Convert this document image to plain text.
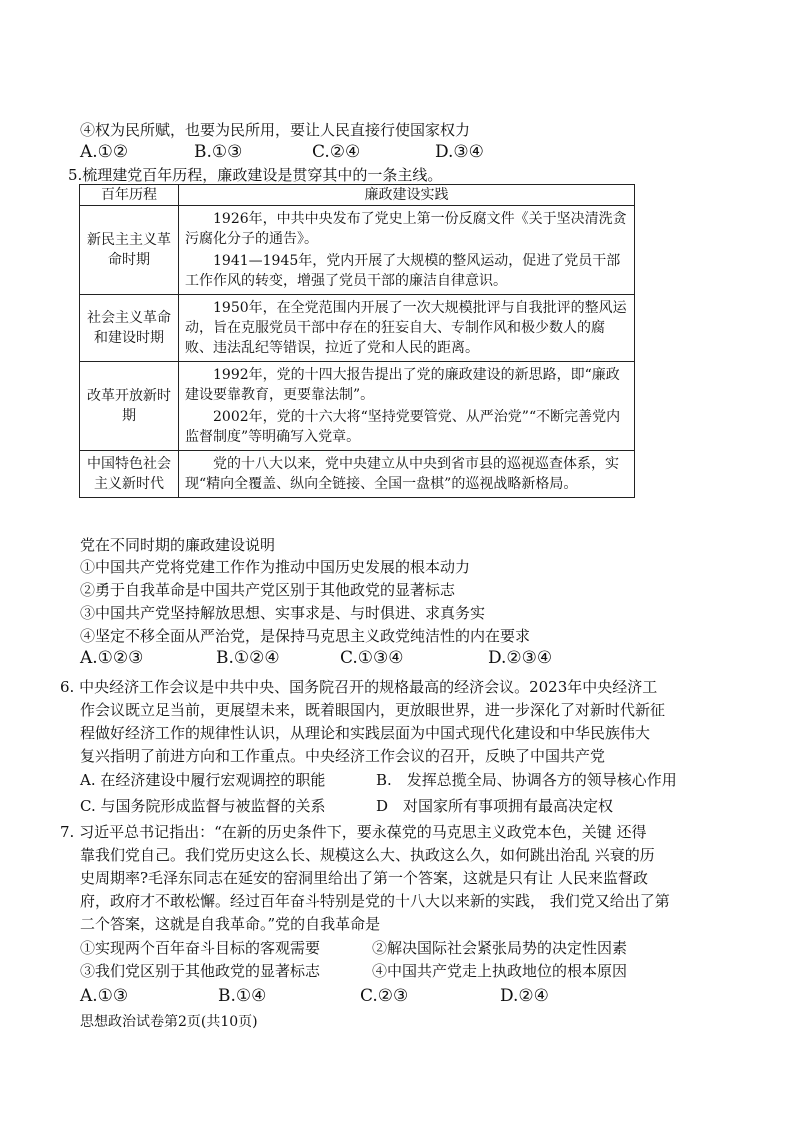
④权为民所赋，也要为民所用，要让人民直接行使国家权力
A.①②	B.①③	C.②④	D.③④
5.梳理建党百年历程，廉政建设是贯穿其中的一条主线。
百年历程	廉政建设实践
新民主主义革命时期	1926年，中共中央发布了党史上第一份反腐文件《关于坚决清洗贪污腐化分子的通告》。

1941—1945年，党内开展了大规模的整风运动，促进了党员干部工作作风的转变，增强了党员干部的廉洁自律意识。

社会主义革命和建设时期	1950年，在全党范围内开展了一次大规模批评与自我批评的整风运动，旨在克服党员干部中存在的狂妄自大、专制作风和极少数人的腐败、违法乱纪等错误，拉近了党和人民的距离。

改革开放新时期	1992年，党的十四大报告提出了党的廉政建设的新思路，即“廉政建设要靠教育，更要靠法制”。

2002年，党的十六大将“坚持党要管党、从严治党”“不断完善党内监督制度”等明确写入党章。

中国特色社会主义新时代	党的十八大以来，党中央建立从中央到省市县的巡视巡查体系，实现“精向全覆盖、纵向全链接、全国一盘棋”的巡视战略新格局。

党在不同时期的廉政建设说明
①中国共产党将党建工作作为推动中国历史发展的根本动力
②勇于自我革命是中国共产党区别于其他政党的显著标志
③中国共产党坚持解放思想、实事求是、与时俱进、求真务实
④坚定不移全面从严治党，是保持马克思主义政党纯洁性的内在要求
A.①②③	B.①②④	C.①③④	D.②③④
6. 中央经济工作会议是中共中央、国务院召开的规格最高的经济会议。2023年中央经济工
作会议既立足当前，更展望未来，既着眼国内，更放眼世界，进一步深化了对新时代新征
程做好经济工作的规律性认识，从理论和实践层面为中国式现代化建设和中华民族伟大
复兴指明了前进方向和工作重点。中央经济工作会议的召开，反映了中国共产党
A. 在经济建设中履行宏观调控的职能	B.　发挥总揽全局、协调各方的领导核心作用
C. 与国务院形成监督与被监督的关系	D　对国家所有事项拥有最高决定权
7. 习近平总书记指出：“在新的历史条件下，要永葆党的马克思主义政党本色，关键 还得
靠我们党自己。我们党历史这么长、规模这么大、执政这么久，如何跳出治乱 兴衰的历
史周期率?毛泽东同志在延安的窑洞里给出了第一个答案，这就是只有让 人民来监督政
府，政府才不敢松懈。经过百年奋斗特别是党的十八大以来新的实践， 我们党又给出了第
二个答案，这就是自我革命。”党的自我革命是
①实现两个百年奋斗目标的客观需要	②解决国际社会紧张局势的决定性因素
③我们党区别于其他政党的显著标志	④中国共产党走上执政地位的根本原因
A.①③	B.①④	C.②③	D.②④
思想政治试卷第2页(共10页)
